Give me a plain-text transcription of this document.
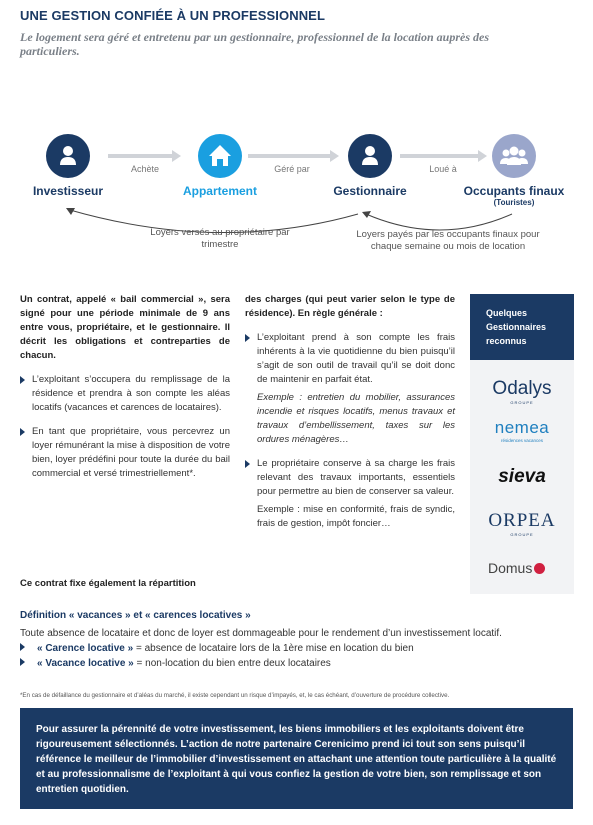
UNE GESTION CONFIÉE À UN PROFESSIONNEL
Le logement sera géré et entretenu par un gestionnaire, professionnel de la location auprès des particuliers.
Investisseur	Appartement	Gestionnaire	Occupants finaux
(Touristes)
Achète	Géré par	Loué à
Loyers versés au propriétaire par trimestre
Loyers payés par les occupants finaux pour chaque semaine ou mois de location
Un contrat, appelé « bail commercial », sera signé pour une période minimale de 9 ans entre vous, propriétaire, et le gestionnaire. Il décrit les obligations et contreparties de chacun.
L’exploitant s’occupera du remplissage de la résidence et prendra à son compte les aléas locatifs (vacances et carences de locataires).
En tant que propriétaire, vous percevrez un loyer rémunérant la mise à disposition de votre bien, loyer prédéfini pour toute la durée du bail commercial et versé trimestriellement*.
Ce contrat fixe également la répartition
des charges (qui peut varier selon le type de résidence). En règle générale :
L’exploitant prend à son compte les frais inhérents à la vie quotidienne du bien puisqu’il s’agit de son outil de travail qu’il se doit donc de maintenir en parfait état.
Exemple : entretien du mobilier, assurances incendie et risques locatifs, menus travaux et travaux d’embellissement, taxes sur les ordures ménagères…
Le propriétaire conserve à sa charge les frais relevant des travaux importants, essentiels pour permettre au bien de conserver sa valeur.
Exemple : mise en conformité, frais de syndic, frais de gestion, impôt foncier…
Quelques Gestionnaires reconnus
Odalys
GROUPE
nemea
résidences vacances
sieva
ORPEA
GROUPE
Domus
Définition « vacances » et « carences locatives »
Toute absence de locataire et donc de loyer est dommageable pour le rendement d’un investissement locatif.
« Carence locative » = absence de locataire lors de la 1ère mise en location du bien
« Vacance locative » = non-location du bien entre deux locataires
*En cas de défaillance du gestionnaire et d’aléas du marché, il existe cependant un risque d’impayés, et, le cas échéant, d’ouverture de procédure collective.
Pour assurer la pérennité de votre investissement, les biens immobiliers et les exploitants doivent être rigoureusement sélectionnés. L’action de notre partenaire Cerenicimo prend ici tout son sens puisqu’il référence le meilleur de l’immobilier d’investissement en attachant une attention toute particulière à la qualité et au professionnalisme de l’exploitant à qui vous confiez la gestion de votre bien, son remplissage et son entretien quotidien.
